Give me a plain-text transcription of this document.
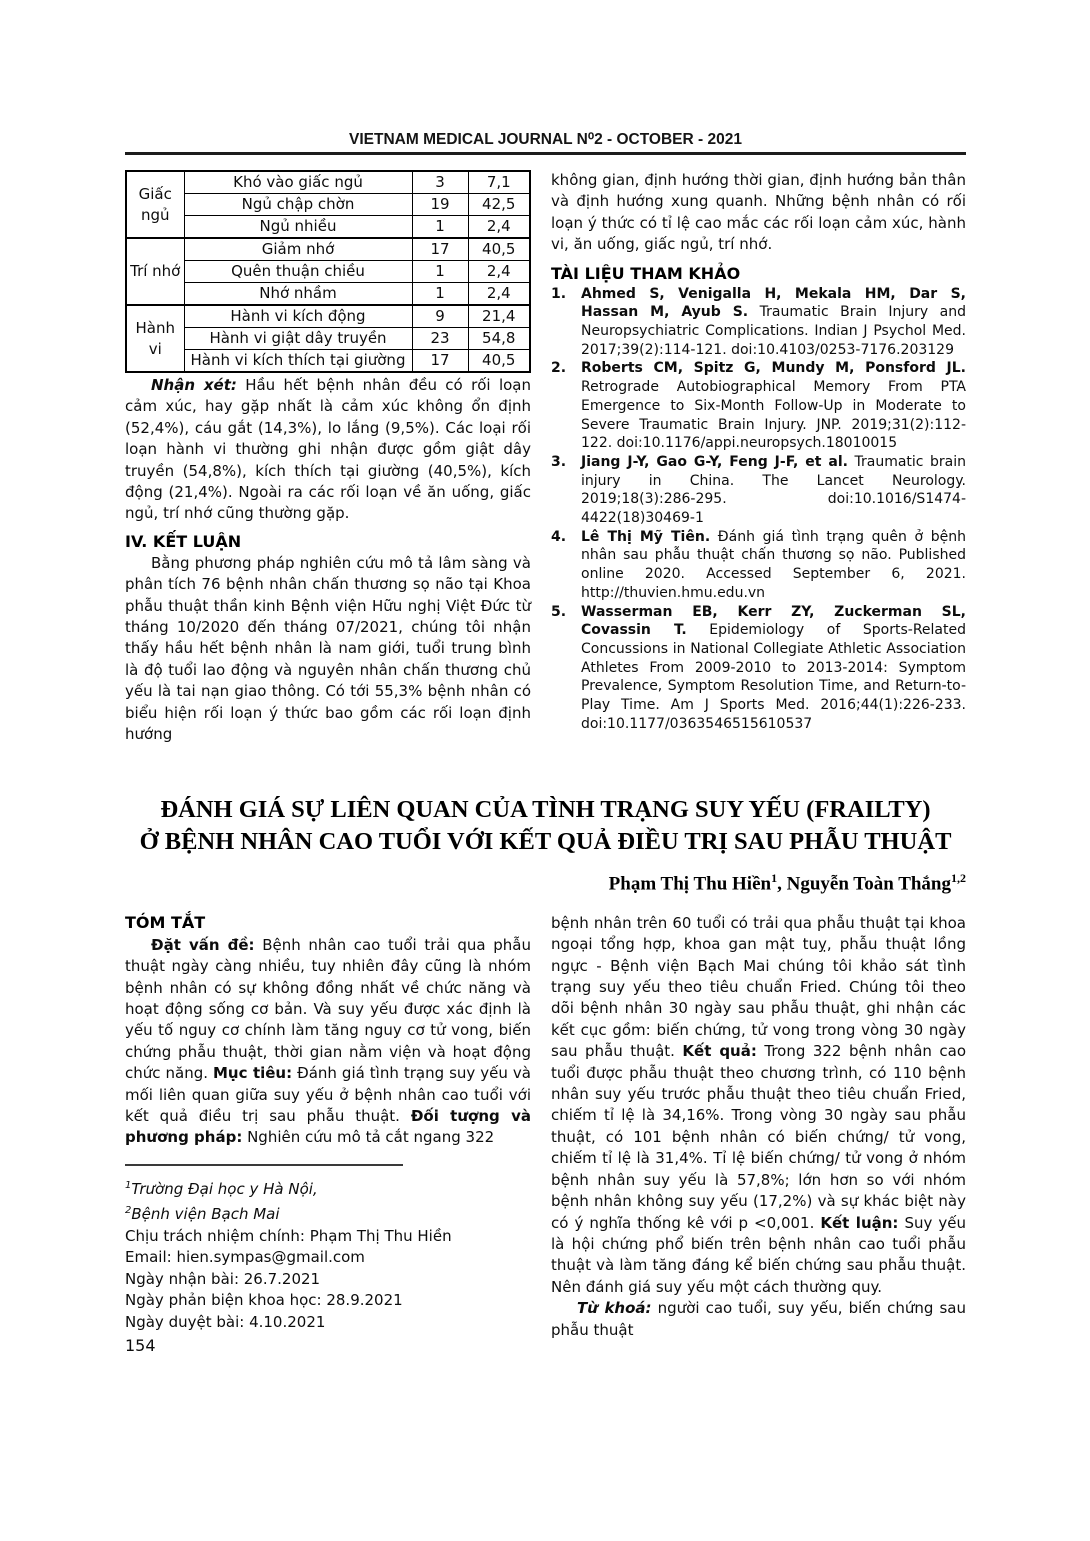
VIETNAM MEDICAL JOURNAL N⁰2 - OCTOBER - 2021
Giấc ngủ	Khó vào giấc ngủ	3	7,1
	Ngủ chập chờn	19	42,5
	Ngủ nhiều	1	2,4
Trí nhớ	Giảm nhớ	17	40,5
	Quên thuận chiều	1	2,4
	Nhớ nhầm	1	2,4
Hành vi	Hành vi kích động	9	21,4
	Hành vi giật dây truyền	23	54,8
	Hành vi kích thích tại giường	17	40,5

Nhận xét: Hầu hết bệnh nhân đều có rối loạn cảm xúc, hay gặp nhất là cảm xúc không ổn định (52,4%), cáu gắt (14,3%), lo lắng (9,5%). Các loại rối loạn hành vi thường ghi nhận được gồm giật dây truyền (54,8%), kích thích tại giường (40,5%), kích động (21,4%). Ngoài ra các rối loạn về ăn uống, giấc ngủ, trí nhớ cũng thường gặp.

IV. KẾT LUẬN

Bằng phương pháp nghiên cứu mô tả lâm sàng và phân tích 76 bệnh nhân chấn thương sọ não tại Khoa phẫu thuật thần kinh Bệnh viện Hữu nghị Việt Đức từ tháng 10/2020 đến tháng 07/2021, chúng tôi nhận thấy hầu hết bệnh nhân là nam giới, tuổi trung bình là độ tuổi lao động và nguyên nhân chấn thương chủ yếu là tai nạn giao thông. Có tới 55,3% bệnh nhân có biểu hiện rối loạn ý thức bao gồm các rối loạn định hướng

không gian, định hướng thời gian, định hướng bản thân và định hướng xung quanh. Những bệnh nhân có rối loạn ý thức có tỉ lệ cao mắc các rối loạn cảm xúc, hành vi, ăn uống, giấc ngủ, trí nhớ.

TÀI LIỆU THAM KHẢO

1. Ahmed S, Venigalla H, Mekala HM, Dar S, Hassan M, Ayub S. Traumatic Brain Injury and Neuropsychiatric Complications. Indian J Psychol Med. 2017;39(2):114-121. doi:10.4103/0253-7176.203129

2. Roberts CM, Spitz G, Mundy M, Ponsford JL. Retrograde Autobiographical Memory From PTA Emergence to Six-Month Follow-Up in Moderate to Severe Traumatic Brain Injury. JNP. 2019;31(2):112-122. doi:10.1176/appi.neuropsych.18010015

3. Jiang J-Y, Gao G-Y, Feng J-F, et al. Traumatic brain injury in China. The Lancet Neurology. 2019;18(3):286-295. doi:10.1016/S1474-4422(18)30469-1

4. Lê Thị Mỹ Tiên. Đánh giá tình trạng quên ở bệnh nhân sau phẫu thuật chấn thương sọ não. Published online 2020. Accessed September 6, 2021. http://thuvien.hmu.edu.vn

5. Wasserman EB, Kerr ZY, Zuckerman SL, Covassin T. Epidemiology of Sports-Related Concussions in National Collegiate Athletic Association Athletes From 2009-2010 to 2013-2014: Symptom Prevalence, Symptom Resolution Time, and Return-to-Play Time. Am J Sports Med. 2016;44(1):226-233. doi:10.1177/0363546515610537

ĐÁNH GIÁ SỰ LIÊN QUAN CỦA TÌNH TRẠNG SUY YẾU (FRAILTY)
Ở BỆNH NHÂN CAO TUỔI VỚI KẾT QUẢ ĐIỀU TRỊ SAU PHẪU THUẬT
Phạm Thị Thu Hiền$^1$, Nguyễn Toàn Thắng$^{1,2}$
TÓM TẮT

Đặt vấn đề: Bệnh nhân cao tuổi trải qua phẫu thuật ngày càng nhiều, tuy nhiên đây cũng là nhóm bệnh nhân có sự không đồng nhất về chức năng và hoạt động sống cơ bản. Và suy yếu được xác định là yếu tố nguy cơ chính làm tăng nguy cơ tử vong, biến chứng phẫu thuật, thời gian nằm viện và hoạt động chức năng. Mục tiêu: Đánh giá tình trạng suy yếu và mối liên quan giữa suy yếu ở bệnh nhân cao tuổi với kết quả điều trị sau phẫu thuật. Đối tượng và phương pháp: Nghiên cứu mô tả cắt ngang 322

$^1$Trường Đại học y Hà Nội,
$^2$Bệnh viện Bạch Mai
Chịu trách nhiệm chính: Phạm Thị Thu Hiền
Email: hien.sympas@gmail.com
Ngày nhận bài: 26.7.2021
Ngày phản biện khoa học: 28.9.2021
Ngày duyệt bài: 4.10.2021

bệnh nhân trên 60 tuổi có trải qua phẫu thuật tại khoa ngoại tổng hợp, khoa gan mật tuỵ, phẫu thuật lồng ngực - Bệnh viện Bạch Mai chúng tôi khảo sát tình trạng suy yếu theo tiêu chuẩn Fried. Chúng tôi theo dõi bệnh nhân 30 ngày sau phẫu thuật, ghi nhận các kết cục gồm: biến chứng, tử vong trong vòng 30 ngày sau phẫu thuật. Kết quả: Trong 322 bệnh nhân cao tuổi được phẫu thuật theo chương trình, có 110 bệnh nhân suy yếu trước phẫu thuật theo tiêu chuẩn Fried, chiếm tỉ lệ là 34,16%. Trong vòng 30 ngày sau phẫu thuật, có 101 bệnh nhân có biến chứng/ tử vong, chiếm tỉ lệ là 31,4%. Tỉ lệ biến chứng/ tử vong ở nhóm bệnh nhân suy yếu là 57,8%; lớn hơn so với nhóm bệnh nhân không suy yếu (17,2%) và sự khác biệt này có ý nghĩa thống kê với p <0,001. Kết luận: Suy yếu là hội chứng phổ biến trên bệnh nhân cao tuổi phẫu thuật và làm tăng đáng kể biến chứng sau phẫu thuật. Nên đánh giá suy yếu một cách thường quy.

Từ khoá: người cao tuổi, suy yếu, biến chứng sau phẫu thuật

154
